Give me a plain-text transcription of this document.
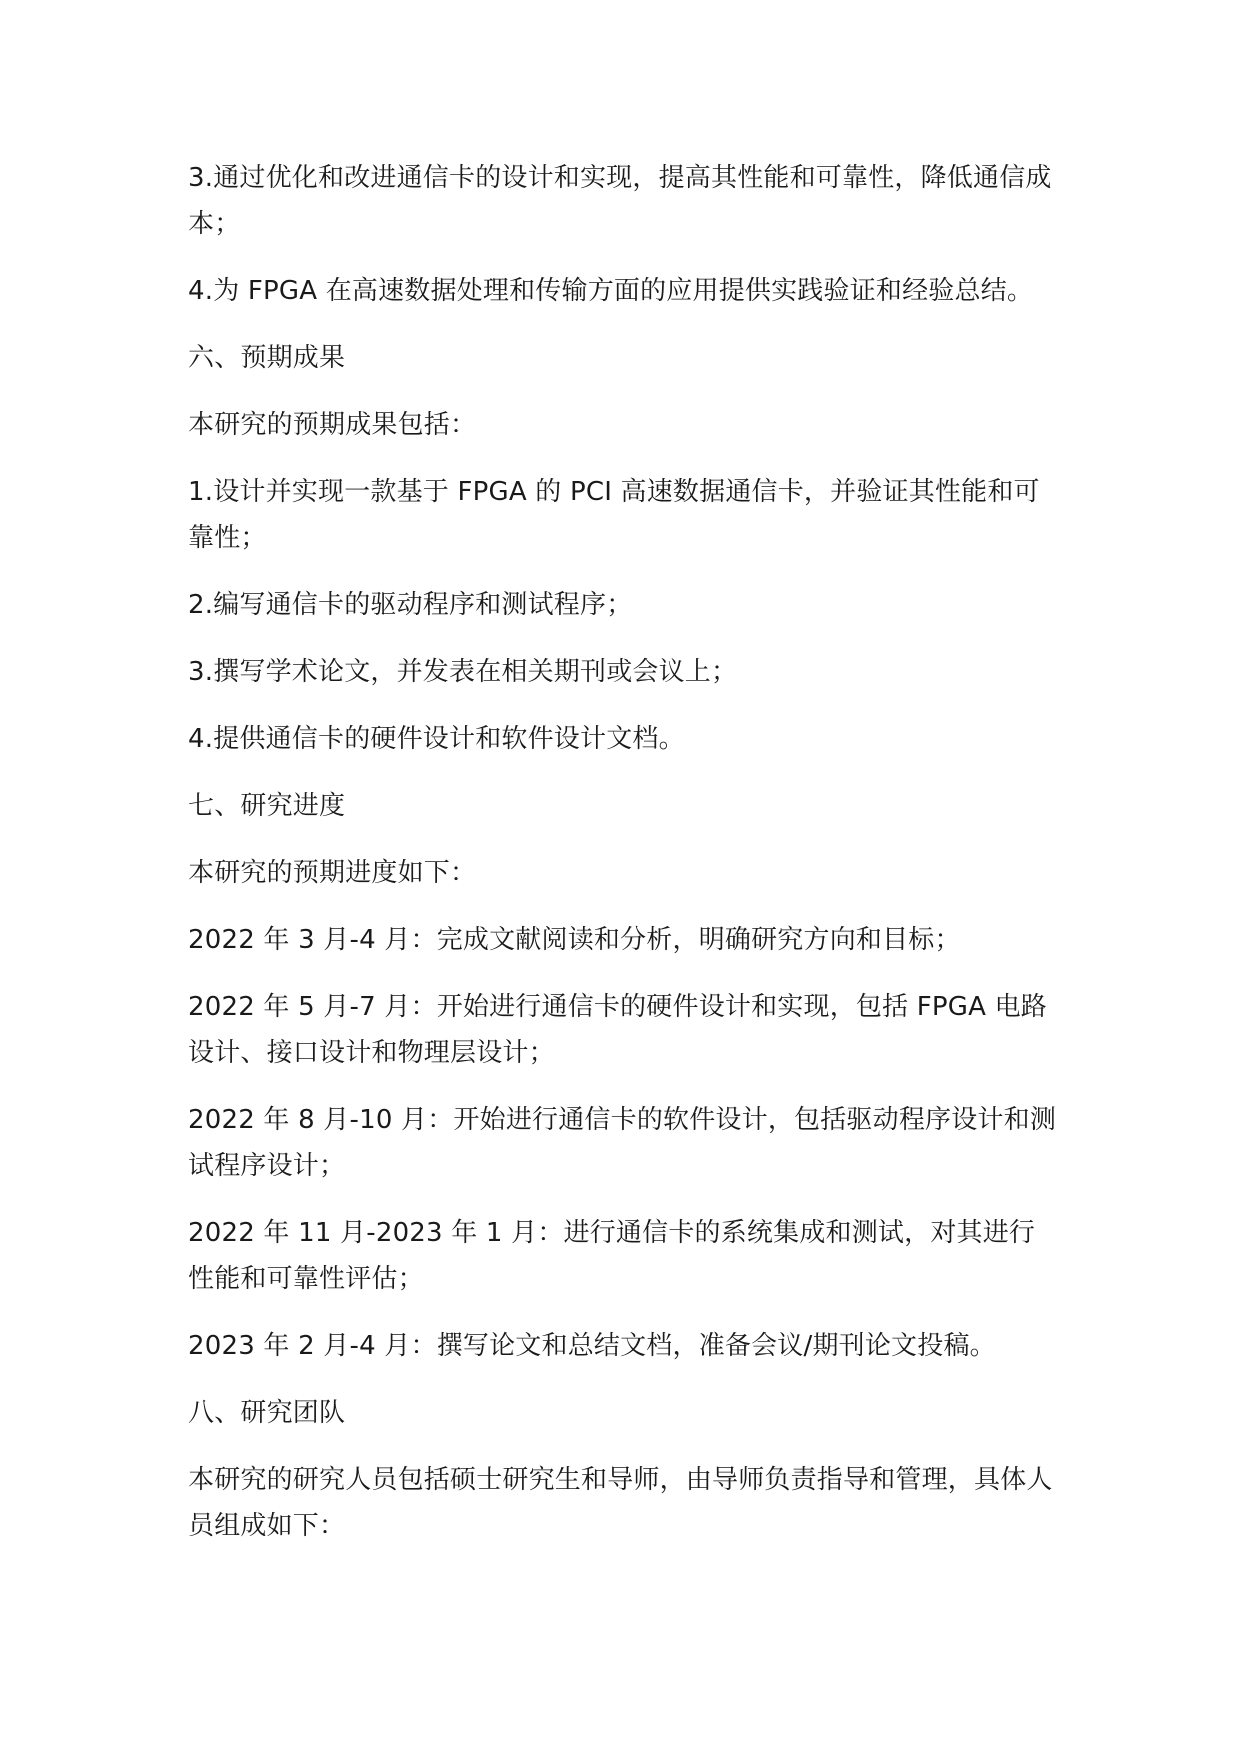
3.通过优化和改进通信卡的设计和实现，提高其性能和可靠性，降低通信成本；

4.为 FPGA 在高速数据处理和传输方面的应用提供实践验证和经验总结。

六、预期成果

本研究的预期成果包括：

1.设计并实现一款基于 FPGA 的 PCI 高速数据通信卡，并验证其性能和可靠性；

2.编写通信卡的驱动程序和测试程序；

3.撰写学术论文，并发表在相关期刊或会议上；

4.提供通信卡的硬件设计和软件设计文档。

七、研究进度

本研究的预期进度如下：

2022 年 3 月-4 月：完成文献阅读和分析，明确研究方向和目标；

2022 年 5 月-7 月：开始进行通信卡的硬件设计和实现，包括 FPGA 电路设计、接口设计和物理层设计；

2022 年 8 月-10 月：开始进行通信卡的软件设计，包括驱动程序设计和测试程序设计；

2022 年 11 月-2023 年 1 月：进行通信卡的系统集成和测试，对其进行性能和可靠性评估；

2023 年 2 月-4 月：撰写论文和总结文档，准备会议/期刊论文投稿。

八、研究团队

本研究的研究人员包括硕士研究生和导师，由导师负责指导和管理，具体人员组成如下：
